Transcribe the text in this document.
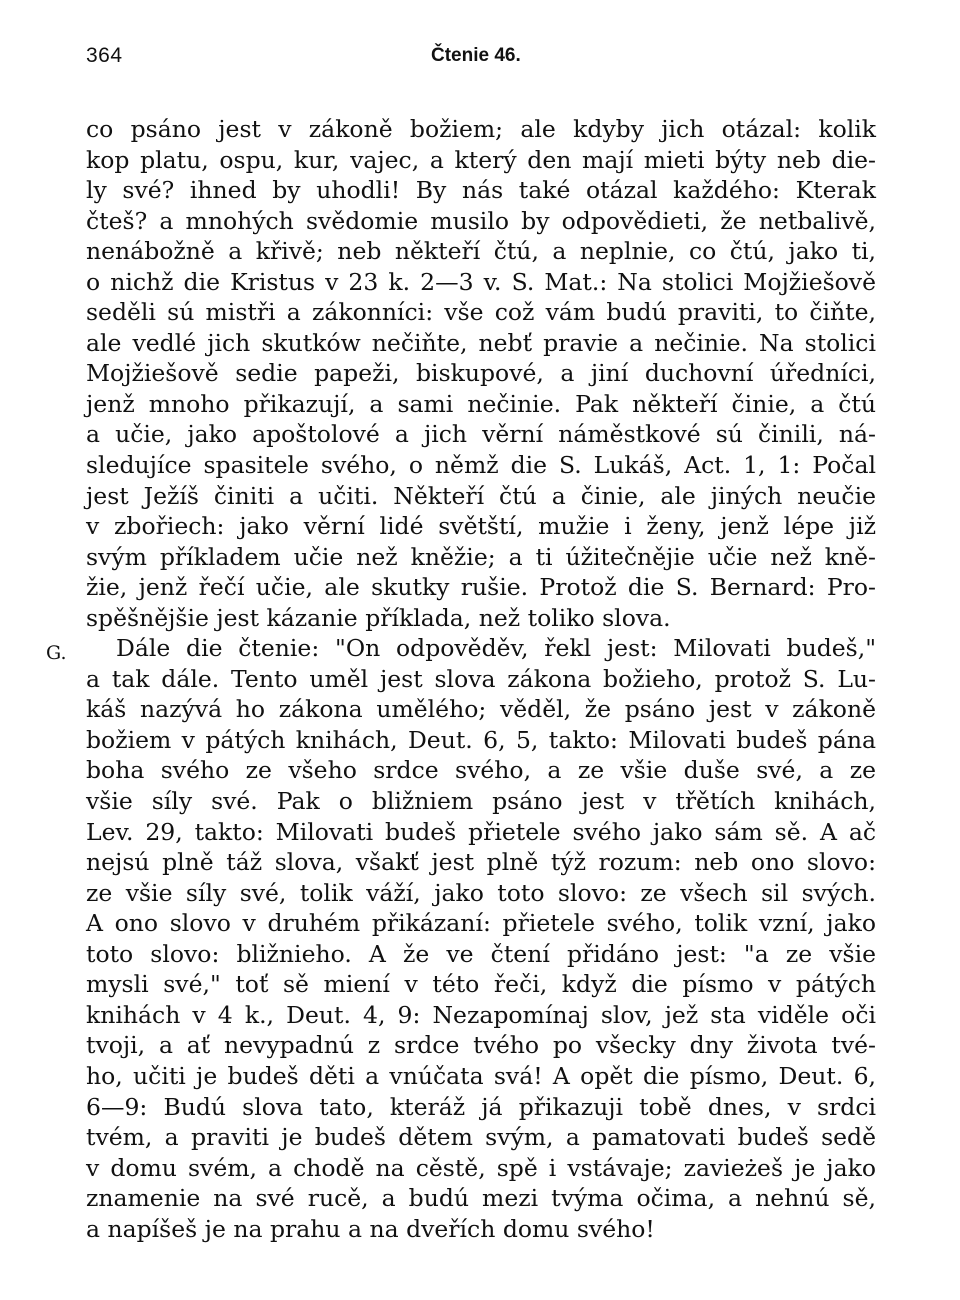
364	Čtenie 46.
G.
co psáno jest v zákoně božiem; ale kdyby jich otázal: kolik
kop platu, ospu, kur, vajec, a který den mají mieti býty neb die-
ly své? ihned by uhodli! By nás také otázal každého: Kterak
čteš? a mnohých svědomie musilo by odpovědieti, že netbalivě,
nenábožně a křivě; neb někteří čtú, a neplnie, co čtú, jako ti,
o nichž die Kristus v 23 k. 2—3 v. S. Mat.: Na stolici Mojžiešově
seděli sú mistři a zákonníci: vše což vám budú praviti, to čiňte,
ale vedlé jich skutków nečiňte, nebť pravie a nečinie. Na stolici
Mojžiešově sedie papeži, biskupové, a jiní duchovní úředníci,
jenž mnoho přikazují, a sami nečinie. Pak někteří činie, a čtú
a učie, jako apoštolové a jich věrní náměstkové sú činili, ná-
sledujíce spasitele svého, o němž die S. Lukáš, Act. 1, 1: Počal
jest Ježíš činiti a učiti. Někteří čtú a činie, ale jiných neučie
v zbořiech: jako věrní lidé světští, mužie i ženy, jenž lépe již
svým příkladem učie než kněžie; a ti úžitečnějie učie než kně-
žie, jenž řečí učie, ale skutky rušie. Protož die S. Bernard: Pro-
spěšnějšie jest kázanie příklada, než toliko slova.
Dále die čtenie: "On odpověděv, řekl jest: Milovati budeš,"
a tak dále. Tento uměl jest slova zákona božieho, protož S. Lu-
káš nazývá ho zákona umělého; věděl, že psáno jest v zákoně
božiem v pátých knihách, Deut. 6, 5, takto: Milovati budeš pána
boha svého ze všeho srdce svého, a ze všie duše své, a ze
všie síly své. Pak o bližniem psáno jest v třětích knihách,
Lev. 29, takto: Milovati budeš přietele svého jako sám sě. A ač
nejsú plně táž slova, všakť jest plně týž rozum: neb ono slovo:
ze všie síly své, tolik váží, jako toto slovo: ze všech sil svých.
A ono slovo v druhém přikázaní: přietele svého, tolik vzní, jako
toto slovo: bližnieho. A že ve čtení přidáno jest: "a ze všie
mysli své," toť sě miení v této řeči, když die písmo v pátých
knihách v 4 k., Deut. 4, 9: Nezapomínaj slov, jež sta viděle oči
tvoji, a ať nevypadnú z srdce tvého po všecky dny života tvé-
ho, učiti je budeš děti a vnúčata svá! A opět die písmo, Deut. 6,
6—9: Budú slova tato, kteráž já přikazuji tobě dnes, v srdci
tvém, a praviti je budeš dětem svým, a pamatovati budeš sedě
v domu svém, a chodě na cěstě, spě i vstávaje; zavieżeš je jako
znamenie na své rucě, a budú mezi tvýma očima, a nehnú sě,
a napíšeš je na prahu a na dveřích domu svého!
